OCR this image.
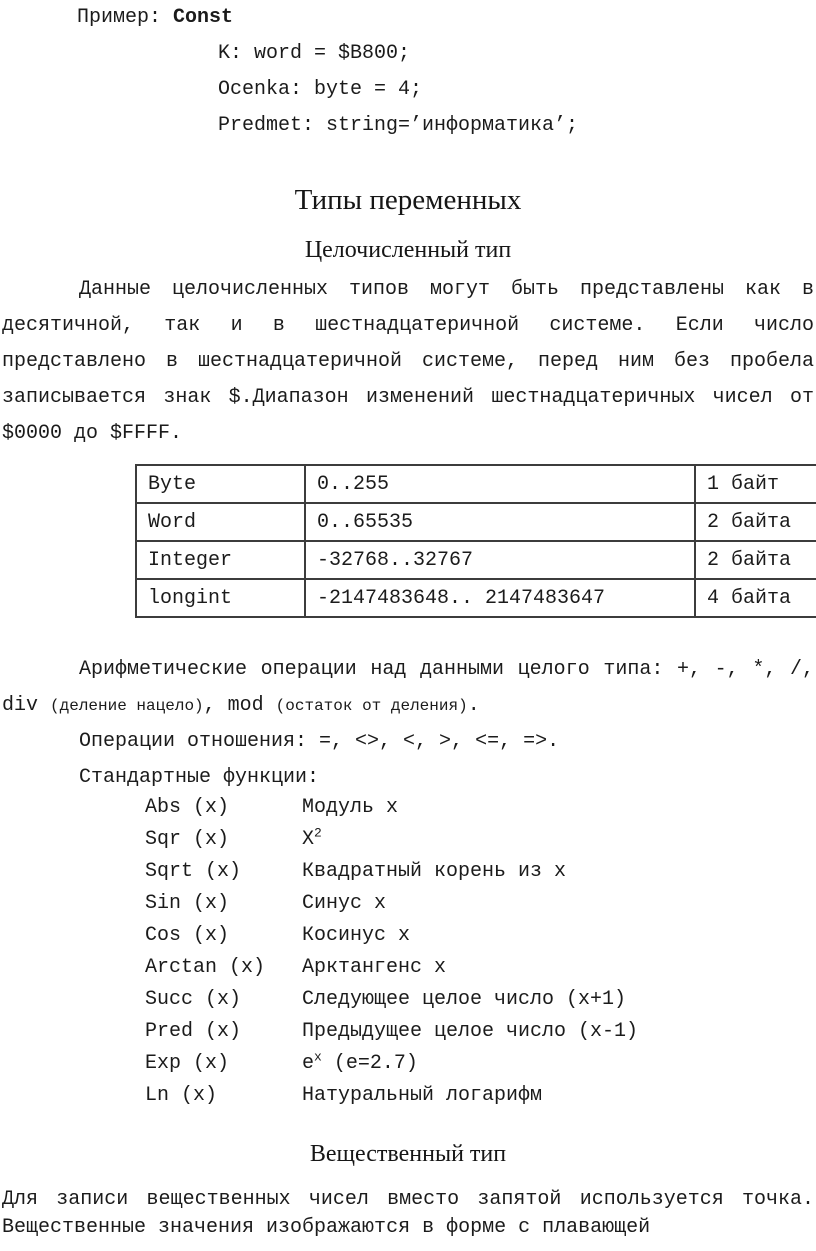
Пример: Const
K: word = $B800;
Ocenka: byte = 4;
Predmet: string=’информатика’;
Типы переменных
Целочисленный тип
Данные целочисленных типов могут быть представлены как в десятичной, так и в шестнадцатеричной системе. Если число представлено в шестнадцатеричной системе, перед ним без пробела записывается знак $.Диапазон изменений шестнадцатеричных чисел от $0000 до $FFFF.
Byte	0..255	1 байт
Word	0..65535	2 байта
Integer	-32768..32767	2 байта
longint	-2147483648.. 2147483647	4 байта
Арифметические операции над данными целого типа: +, -, *, /, div (деление нацело), mod (остаток от деления).
Операции отношения: =, <>, <, >, <=, =>.
Стандартные функции:
Abs (x)	Модуль x
Sqr (x)	$X^2$
Sqrt (x)	Квадратный корень из x
Sin (x)	Синус x
Cos (x)	Косинус x
Arctan (x)	Арктангенс x
Succ (x)	Следующее целое число (x+1)
Pred (x)	Предыдущее целое число (x-1)
Exp (x)	$e^x$ (e=2.7)
Ln (x)	Натуральный логарифм
Вещественный тип
Для записи вещественных чисел вместо запятой используется точка. Вещественные значения изображаются в форме с плавающей
